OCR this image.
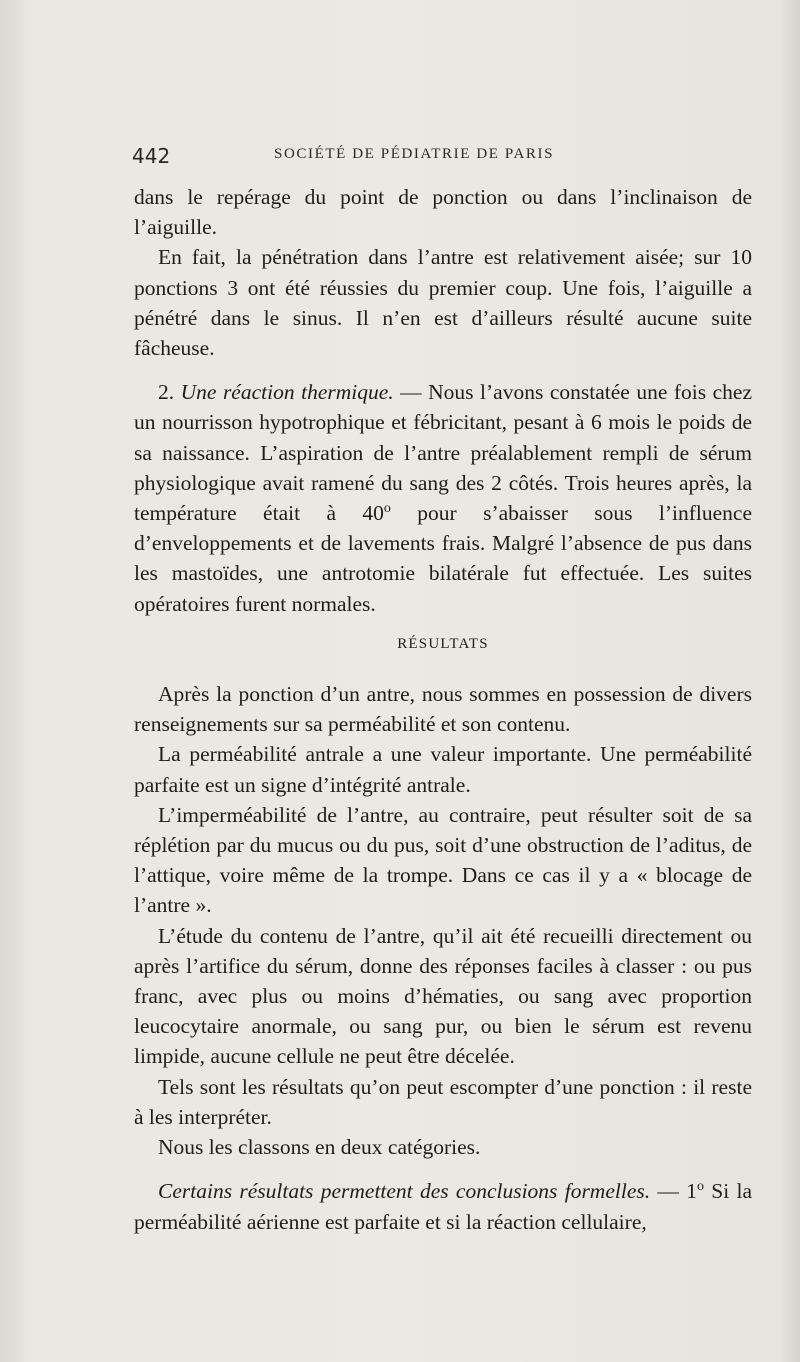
442	SOCIÉTÉ DE PÉDIATRIE DE PARIS

dans le repérage du point de ponction ou dans l’inclinaison de l’aiguille.

En fait, la pénétration dans l’antre est relativement aisée; sur 10 ponctions 3 ont été réussies du premier coup. Une fois, l’aiguille a pénétré dans le sinus. Il n’en est d’ailleurs résulté aucune suite fâcheuse.

2. Une réaction thermique. — Nous l’avons constatée une fois chez un nourrisson hypotrophique et fébricitant, pesant à 6 mois le poids de sa naissance. L’aspiration de l’antre préalablement rempli de sérum physiologique avait ramené du sang des 2 côtés. Trois heures après, la température était à 40$^o$ pour s’abaisser sous l’influence d’enveloppements et de lavements frais. Malgré l’absence de pus dans les mastoïdes, une antrotomie bilatérale fut effectuée. Les suites opératoires furent normales.

RÉSULTATS

Après la ponction d’un antre, nous sommes en possession de divers renseignements sur sa perméabilité et son contenu.

La perméabilité antrale a une valeur importante. Une perméabilité parfaite est un signe d’intégrité antrale.

L’imperméabilité de l’antre, au contraire, peut résulter soit de sa réplétion par du mucus ou du pus, soit d’une obstruction de l’aditus, de l’attique, voire même de la trompe. Dans ce cas il y a « blocage de l’antre ».

L’étude du contenu de l’antre, qu’il ait été recueilli directement ou après l’artifice du sérum, donne des réponses faciles à classer : ou pus franc, avec plus ou moins d’hématies, ou sang avec proportion leucocytaire anormale, ou sang pur, ou bien le sérum est revenu limpide, aucune cellule ne peut être décelée.

Tels sont les résultats qu’on peut escompter d’une ponction : il reste à les interpréter.

Nous les classons en deux catégories.

Certains résultats permettent des conclusions formelles. — 1$^o$ Si la perméabilité aérienne est parfaite et si la réaction cellulaire,
